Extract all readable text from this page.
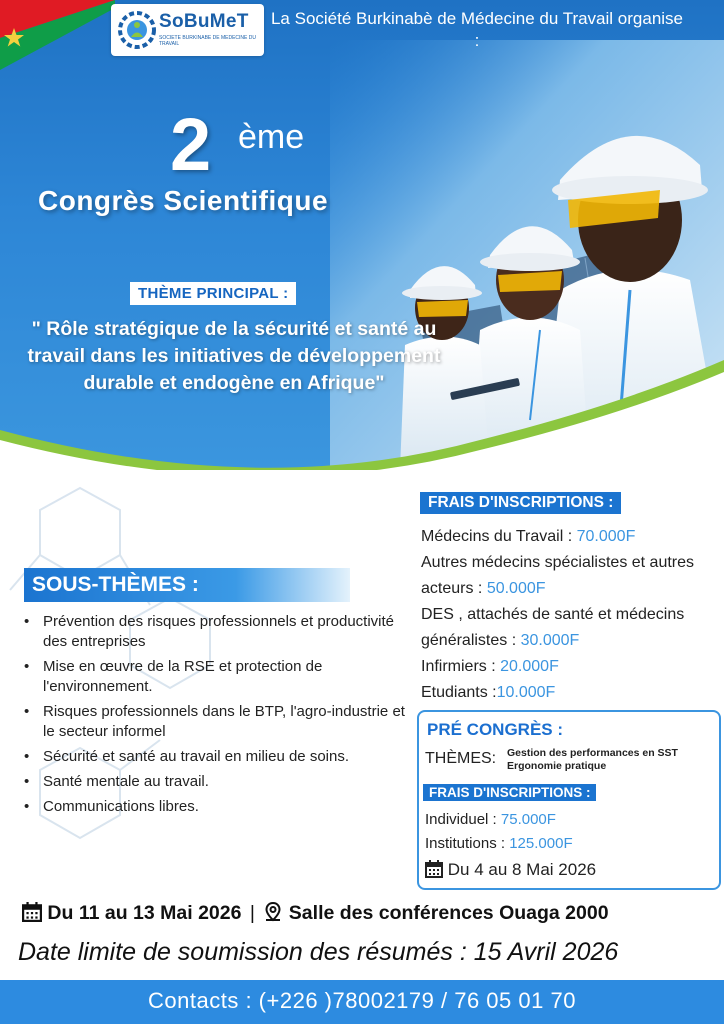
SoBuMeT
SOCIETE BURKINABE DE MEDECINE DU TRAVAIL
La Société Burkinabè de Médecine du Travail organise :
2 ème
Congrès Scientifique
THÈME PRINCIPAL :
" Rôle stratégique de la sécurité et santé au travail dans les initiatives de développement durable et endogène en Afrique"
SOUS-THÈMES :
• Prévention des risques professionnels et productivité des entreprises
• Mise en œuvre de la RSE et protection de l'environnement.
• Risques professionnels dans le BTP, l'agro-industrie et le secteur informel
• Sécurité et santé au travail en milieu de soins.
• Santé mentale au travail.
• Communications libres.
FRAIS D'INSCRIPTIONS :
Médecins du Travail : 70.000F
Autres médecins spécialistes et autres acteurs : 50.000F
DES , attachés de santé et médecins généralistes : 30.000F
Infirmiers : 20.000F
Etudiants :10.000F
PRÉ CONGRÈS :
THÈMES: Gestion des performances en SST
Ergonomie pratique
FRAIS D'INSCRIPTIONS :
Individuel : 75.000F
Institutions : 125.000F
Du 4 au 8 Mai 2026
Du 11 au 13 Mai 2026 | Salle des conférences Ouaga 2000
Date limite de soumission des résumés : 15 Avril 2026
Contacts : (+226 )78002179 / 76 05 01 70
